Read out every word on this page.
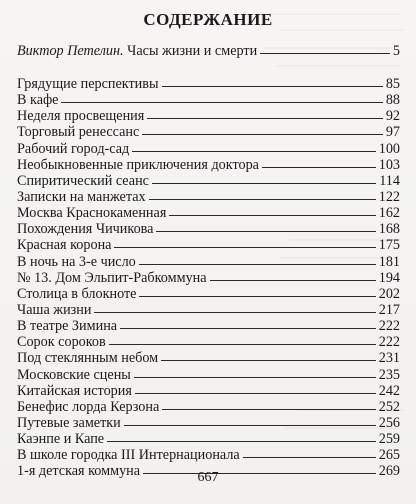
СОДЕРЖАНИЕ
Виктор Петелин. Часы жизни и смерти	5
Грядущие перспективы	85
В кафе	88
Неделя просвещения	92
Торговый ренессанс	97
Рабочий город-сад	100
Необыкновенные приключения доктора	103
Спиритический сеанс	114
Записки на манжетах	122
Москва Краснокаменная	162
Похождения Чичикова	168
Красная корона	175
В ночь на 3-е число	181
№ 13. Дом Эльпит-Рабкоммуна	194
Столица в блокноте	202
Чаша жизни	217
В театре Зимина	222
Сорок сороков	222
Под стеклянным небом	231
Московские сцены	235
Китайская история	242
Бенефис лорда Керзона	252
Путевые заметки	256
Каэнпе и Капе	259
В школе городка III Интернационала	265
1-я детская коммуна	269
667
